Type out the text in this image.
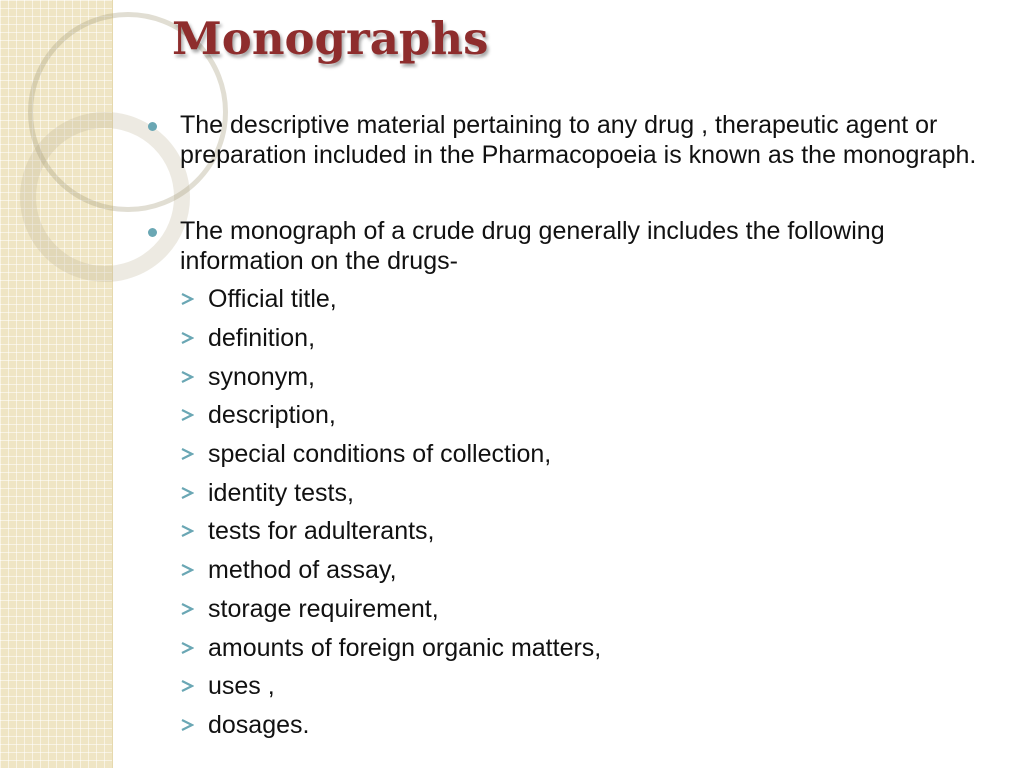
Monographs
The descriptive material pertaining to any drug , therapeutic agent or preparation included in the Pharmacopoeia is known as the monograph.
The monograph of a crude drug generally includes the following information on the drugs-
Official title,
definition,
synonym,
description,
special conditions of collection,
identity tests,
tests for adulterants,
method of assay,
storage requirement,
amounts of foreign organic matters,
uses ,
dosages.
